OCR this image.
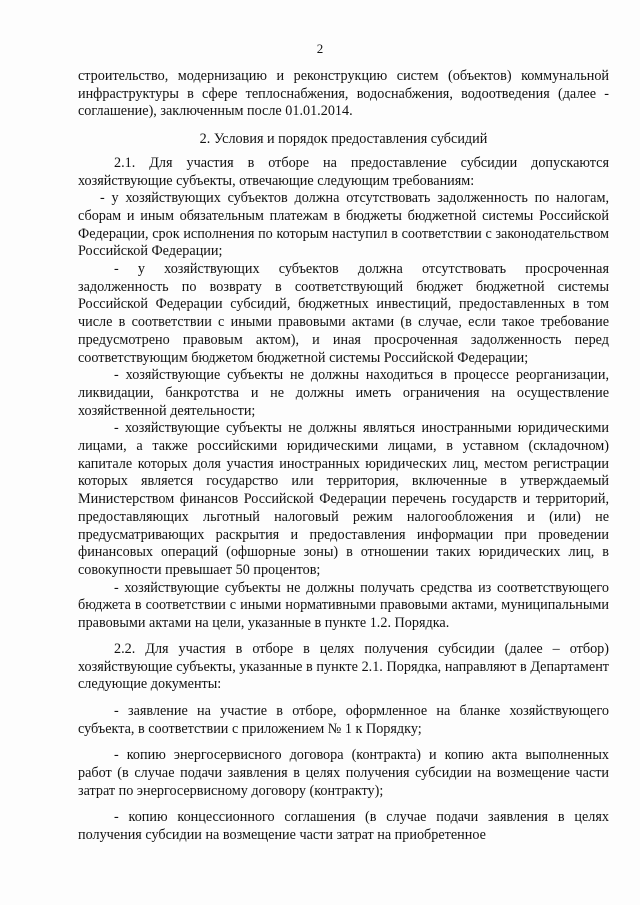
2

строительство, модернизацию и реконструкцию систем (объектов) коммунальной инфраструктуры в сфере теплоснабжения, водоснабжения, водоотведения (далее - соглашение), заключенным после 01.01.2014.

2. Условия и порядок предоставления субсидий

2.1. Для участия в отборе на предоставление субсидии допускаются хозяйствующие субъекты, отвечающие следующим требованиям:

- у хозяйствующих субъектов должна отсутствовать задолженность по налогам, сборам и иным обязательным платежам в бюджеты бюджетной системы Российской Федерации, срок исполнения по которым наступил в соответствии с законодательством Российской Федерации;

- у хозяйствующих субъектов должна отсутствовать просроченная задолженность по возврату в соответствующий бюджет бюджетной системы Российской Федерации субсидий, бюджетных инвестиций, предоставленных в том числе в соответствии с иными правовыми актами (в случае, если такое требование предусмотрено правовым актом), и иная просроченная задолженность перед соответствующим бюджетом бюджетной системы Российской Федерации;

- хозяйствующие субъекты не должны находиться в процессе реорганизации, ликвидации, банкротства и не должны иметь ограничения на осуществление хозяйственной деятельности;

- хозяйствующие субъекты не должны являться иностранными юридическими лицами, а также российскими юридическими лицами, в уставном (складочном) капитале которых доля участия иностранных юридических лиц, местом регистрации которых является государство или территория, включенные в утверждаемый Министерством финансов Российской Федерации перечень государств и территорий, предоставляющих льготный налоговый режим налогообложения и (или) не предусматривающих раскрытия и предоставления информации при проведении финансовых операций (офшорные зоны) в отношении таких юридических лиц, в совокупности превышает 50 процентов;

- хозяйствующие субъекты не должны получать средства из соответствующего бюджета в соответствии с иными нормативными правовыми актами, муниципальными правовыми актами на цели, указанные в пункте 1.2. Порядка.

2.2. Для участия в отборе в целях получения субсидии (далее – отбор) хозяйствующие субъекты, указанные в пункте 2.1. Порядка, направляют в Департамент следующие документы:

- заявление на участие в отборе, оформленное на бланке хозяйствующего субъекта, в соответствии с приложением № 1 к Порядку;

- копию энергосервисного договора (контракта) и копию акта выполненных работ (в случае подачи заявления в целях получения субсидии на возмещение части затрат по энергосервисному договору (контракту);

- копию концессионного соглашения (в случае подачи заявления в целях получения субсидии на возмещение части затрат на приобретенное
